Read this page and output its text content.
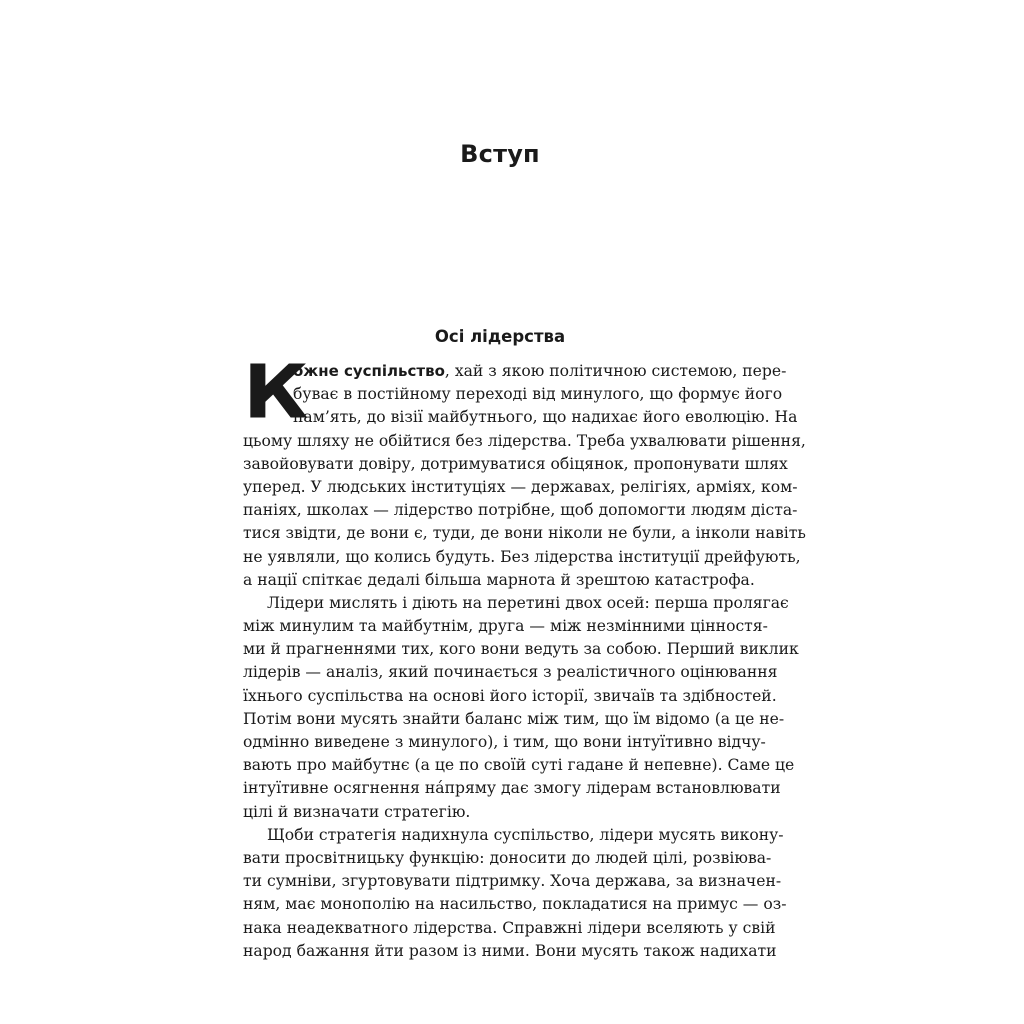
Вступ
Осі лідерства
К
ожне суспільство, хай з якою політичною системою, пере-
буває в постійному переході від минулого, що формує його
пам’ять, до візії майбутнього, що надихає його еволюцію. На
цьому шляху не обійтися без лідерства. Треба ухвалювати рішення,
завойовувати довіру, дотримуватися обіцянок, пропонувати шлях
уперед. У людських інституціях — державах, релігіях, арміях, ком-
паніях, школах — лідерство потрібне, щоб допомогти людям діста-
тися звідти, де вони є, туди, де вони ніколи не були, а інколи навіть
не уявляли, що колись будуть. Без лідерства інституції дрейфують,
а нації спіткає дедалі більша марнота й зрештою катастрофа.
Лідери мислять і діють на перетині двох осей: перша пролягає
між минулим та майбутнім, друга — між незмінними цінностя-
ми й прагненнями тих, кого вони ведуть за собою. Перший виклик
лідерів — аналіз, який починається з реалістичного оцінювання
їхнього суспільства на основі його історії, звичаїв та здібностей.
Потім вони мусять знайти баланс між тим, що їм відомо (а це не-
одмінно виведене з минулого), і тим, що вони інтуїтивно відчу-
вають про майбутнє (а це по своїй суті гадане й непевне). Саме це
інтуїтивне осягнення на́пряму дає змогу лідерам встановлювати
цілі й визначати стратегію.
Щоби стратегія надихнула суспільство, лідери мусять викону-
вати просвітницьку функцію: доносити до людей цілі, розвіюва-
ти сумніви, згуртовувати підтримку. Хоча держава, за визначен-
ням, має монополію на насильство, покладатися на примус — оз-
нака неадекватного лідерства. Справжні лідери вселяють у свій
народ бажання йти разом із ними. Вони мусять також надихати
